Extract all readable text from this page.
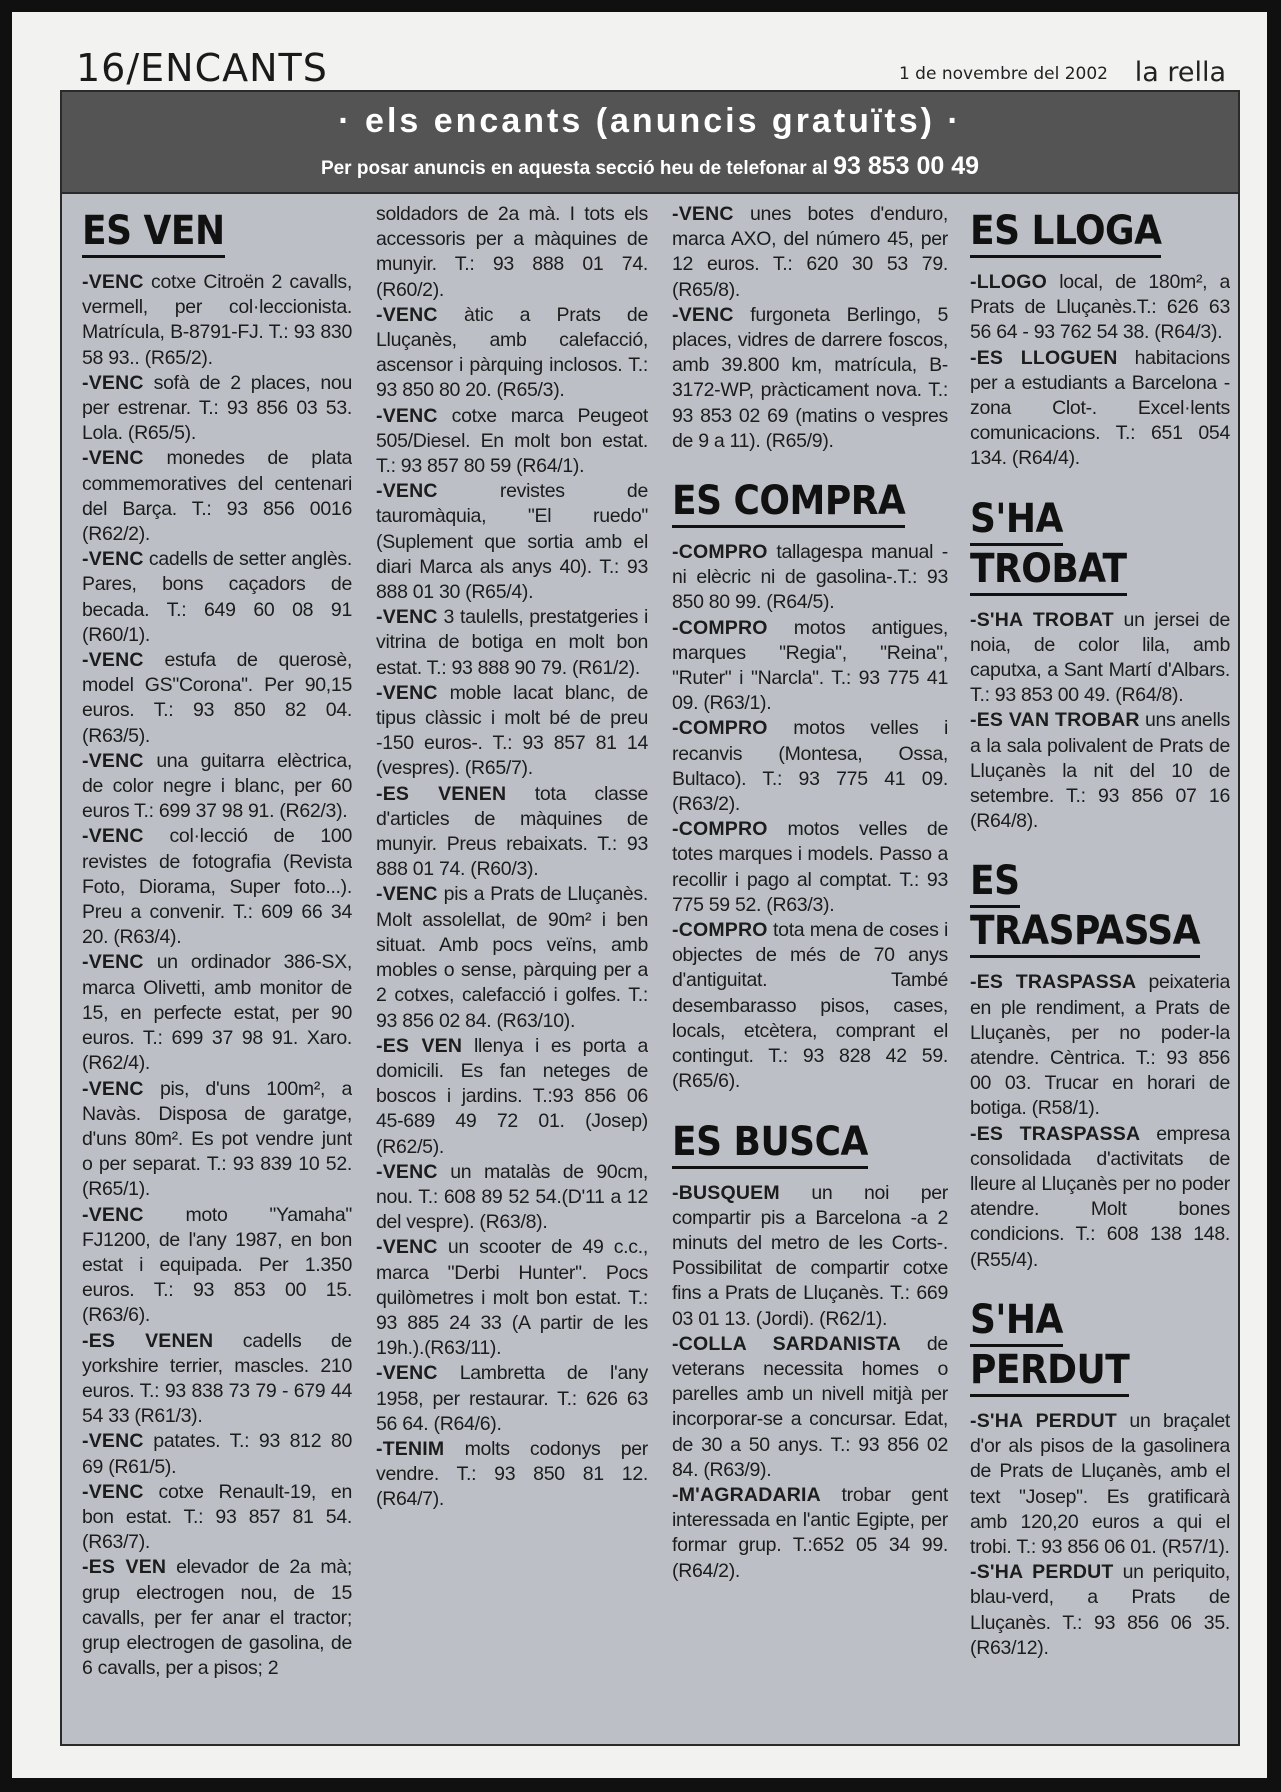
16/ENCANTS	1 de novembre del 2002 la rella
· els encants (anuncis gratuïts) ·
Per posar anuncis en aquesta secció heu de telefonar al 93 853 00 49
ES VEN

-VENC cotxe Citroën 2 cavalls, vermell, per col·leccionista. Matrícula, B-8791-FJ. T.: 93 830 58 93.. (R65/2).

-VENC sofà de 2 places, nou per estrenar. T.: 93 856 03 53. Lola. (R65/5).

-VENC monedes de plata commemoratives del centenari del Barça. T.: 93 856 0016 (R62/2).

-VENC cadells de setter anglès. Pares, bons caçadors de becada. T.: 649 60 08 91 (R60/1).

-VENC estufa de querosè, model GS"Corona". Per 90,15 euros. T.: 93 850 82 04. (R63/5).

-VENC una guitarra elèctrica, de color negre i blanc, per 60 euros T.: 699 37 98 91. (R62/3).

-VENC col·lecció de 100 revistes de fotografia (Revista Foto, Diorama, Super foto...). Preu a convenir. T.: 609 66 34 20. (R63/4).

-VENC un ordinador 386-SX, marca Olivetti, amb monitor de 15, en perfecte estat, per 90 euros. T.: 699 37 98 91. Xaro. (R62/4).

-VENC pis, d'uns 100m², a Navàs. Disposa de garatge, d'uns 80m². Es pot vendre junt o per separat. T.: 93 839 10 52. (R65/1).

-VENC moto "Yamaha" FJ1200, de l'any 1987, en bon estat i equipada. Per 1.350 euros. T.: 93 853 00 15. (R63/6).

-ES VENEN cadells de yorkshire terrier, mascles. 210 euros. T.: 93 838 73 79 - 679 44 54 33 (R61/3).

-VENC patates. T.: 93 812 80 69 (R61/5).

-VENC cotxe Renault-19, en bon estat. T.: 93 857 81 54. (R63/7).

-ES VEN elevador de 2a mà; grup electrogen nou, de 15 cavalls, per fer anar el tractor; grup electrogen de gasolina, de 6 cavalls, per a pisos; 2

soldadors de 2a mà. I tots els accessoris per a màquines de munyir. T.: 93 888 01 74. (R60/2).

-VENC àtic a Prats de Lluçanès, amb calefacció, ascensor i pàrquing inclosos. T.: 93 850 80 20. (R65/3).

-VENC cotxe marca Peugeot 505/Diesel. En molt bon estat. T.: 93 857 80 59 (R64/1).

-VENC revistes de tauromàquia, "El ruedo" (Suplement que sortia amb el diari Marca als anys 40). T.: 93 888 01 30 (R65/4).

-VENC 3 taulells, prestatgeries i vitrina de botiga en molt bon estat. T.: 93 888 90 79. (R61/2).

-VENC moble lacat blanc, de tipus clàssic i molt bé de preu -150 euros-. T.: 93 857 81 14 (vespres). (R65/7).

-ES VENEN tota classe d'articles de màquines de munyir. Preus rebaixats. T.: 93 888 01 74. (R60/3).

-VENC pis a Prats de Lluçanès. Molt assolellat, de 90m² i ben situat. Amb pocs veïns, amb mobles o sense, pàrquing per a 2 cotxes, calefacció i golfes. T.: 93 856 02 84. (R63/10).

-ES VEN llenya i es porta a domicili. Es fan neteges de boscos i jardins. T.:93 856 06 45-689 49 72 01. (Josep) (R62/5).

-VENC un matalàs de 90cm, nou. T.: 608 89 52 54.(D'11 a 12 del vespre). (R63/8).

-VENC un scooter de 49 c.c., marca "Derbi Hunter". Pocs quilòmetres i molt bon estat. T.: 93 885 24 33 (A partir de les 19h.).(R63/11).

-VENC Lambretta de l'any 1958, per restaurar. T.: 626 63 56 64. (R64/6).

-TENIM molts codonys per vendre. T.: 93 850 81 12. (R64/7).

-VENC unes botes d'enduro, marca AXO, del número 45, per 12 euros. T.: 620 30 53 79. (R65/8).

-VENC furgoneta Berlingo, 5 places, vidres de darrere foscos, amb 39.800 km, matrícula, B-3172-WP, pràcticament nova. T.: 93 853 02 69 (matins o vespres de 9 a 11). (R65/9).

ES COMPRA

-COMPRO tallagespa manual -ni elècric ni de gasolina-.T.: 93 850 80 99. (R64/5).

-COMPRO motos antigues, marques "Regia", "Reina", "Ruter" i "Narcla". T.: 93 775 41 09. (R63/1).

-COMPRO motos velles i recanvis (Montesa, Ossa, Bultaco). T.: 93 775 41 09.(R63/2).

-COMPRO motos velles de totes marques i models. Passo a recollir i pago al comptat. T.: 93 775 59 52. (R63/3).

-COMPRO tota mena de coses i objectes de més de 70 anys d'antiguitat. També desembarasso pisos, cases, locals, etcètera, comprant el contingut. T.: 93 828 42 59. (R65/6).

ES BUSCA

-BUSQUEM un noi per compartir pis a Barcelona -a 2 minuts del metro de les Corts-. Possibilitat de compartir cotxe fins a Prats de Lluçanès. T.: 669 03 01 13. (Jordi). (R62/1).

-COLLA SARDANISTA de veterans necessita homes o parelles amb un nivell mitjà per incorporar-se a concursar. Edat, de 30 a 50 anys. T.: 93 856 02 84. (R63/9).

-M'AGRADARIA trobar gent interessada en l'antic Egipte, per formar grup. T.:652 05 34 99. (R64/2).

ES LLOGA

-LLOGO local, de 180m², a Prats de Lluçanès.T.: 626 63 56 64 - 93 762 54 38. (R64/3).

-ES LLOGUEN habitacions per a estudiants a Barcelona -zona Clot-. Excel·lents comunicacions. T.: 651 054 134. (R64/4).

S'HA TROBAT

-S'HA TROBAT un jersei de noia, de color lila, amb caputxa, a Sant Martí d'Albars. T.: 93 853 00 49. (R64/8).

-ES VAN TROBAR uns anells a la sala polivalent de Prats de Lluçanès la nit del 10 de setembre. T.: 93 856 07 16 (R64/8).

ES TRASPASSA

-ES TRASPASSA peixateria en ple rendiment, a Prats de Lluçanès, per no poder-la atendre. Cèntrica. T.: 93 856 00 03. Trucar en horari de botiga. (R58/1).

-ES TRASPASSA empresa consolidada d'activitats de lleure al Lluçanès per no poder atendre. Molt bones condicions. T.: 608 138 148. (R55/4).

S'HA PERDUT

-S'HA PERDUT un braçalet d'or als pisos de la gasolinera de Prats de Lluçanès, amb el text "Josep". Es gratificarà amb 120,20 euros a qui el trobi. T.: 93 856 06 01. (R57/1).

-S'HA PERDUT un periquito, blau-verd, a Prats de Lluçanès. T.: 93 856 06 35. (R63/12).
